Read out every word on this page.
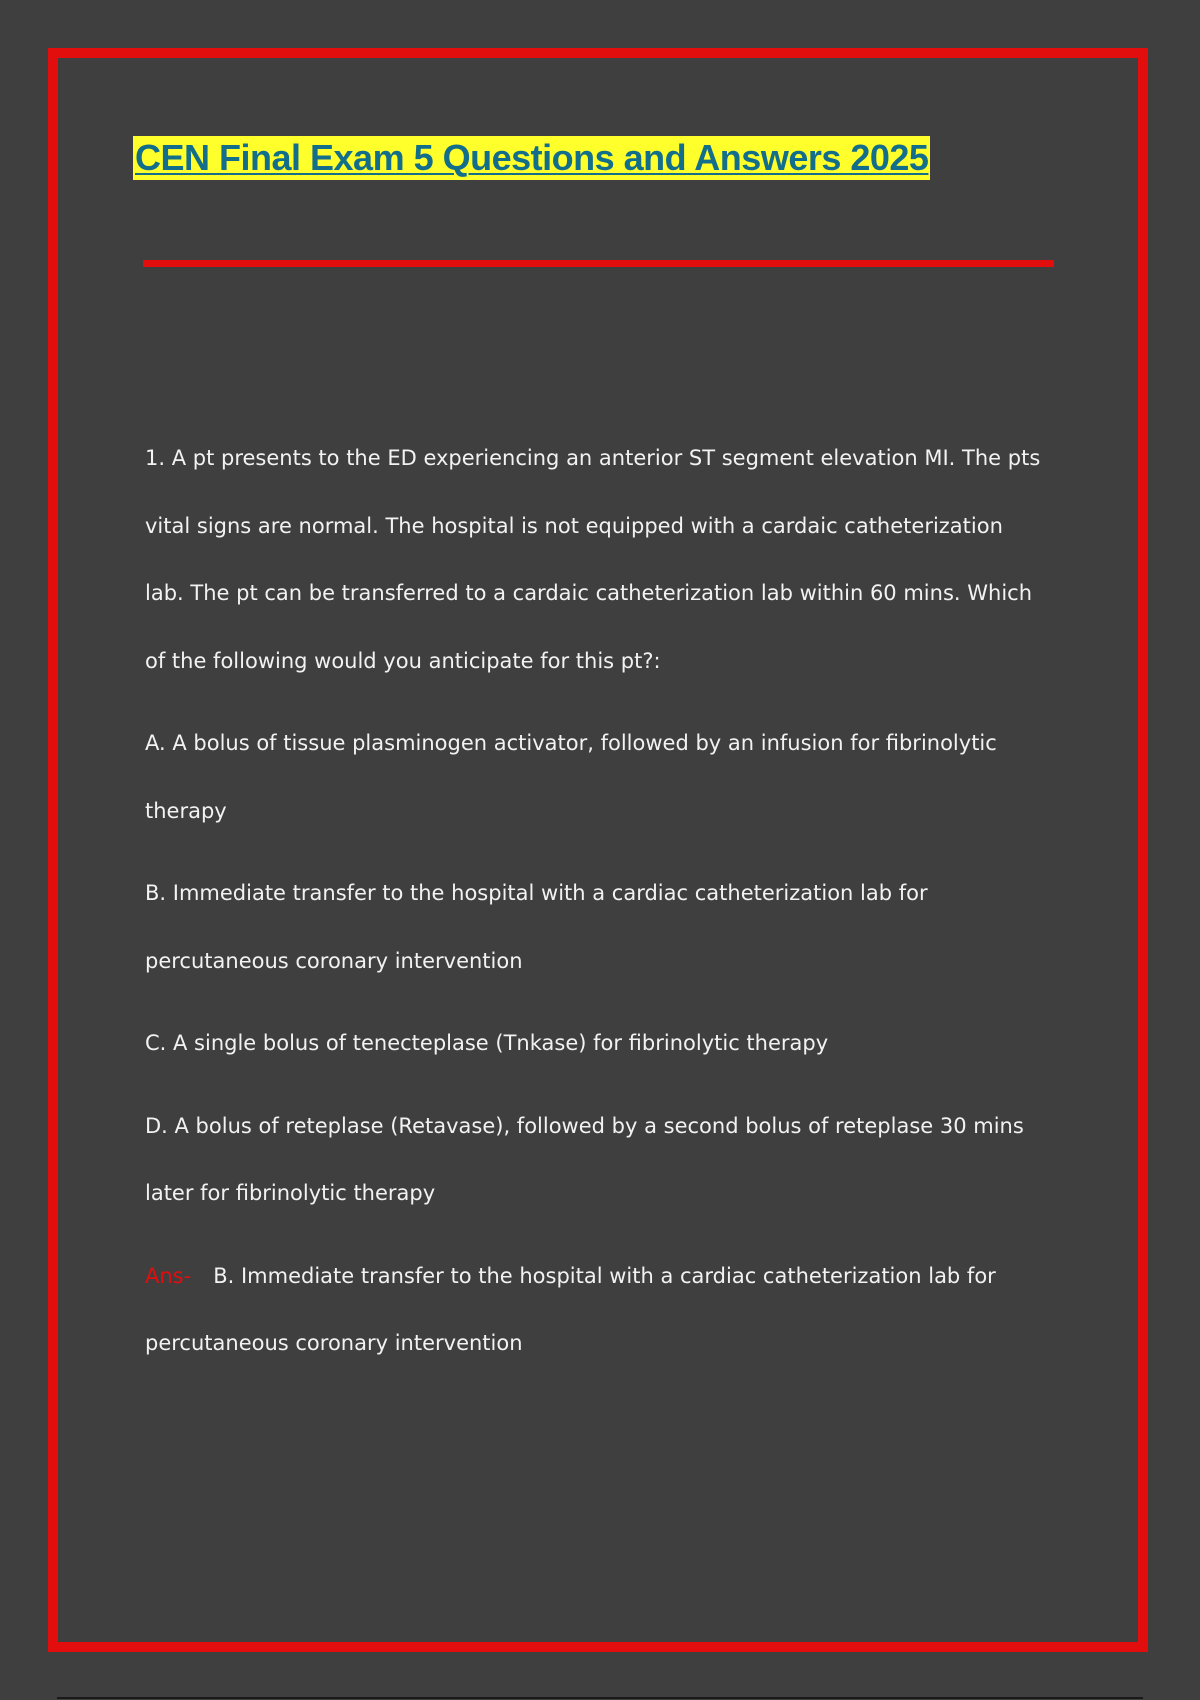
CEN Final Exam 5 Questions and Answers 2025

1. A pt presents to the ED experiencing an anterior ST segment elevation MI. The pts vital signs are normal. The hospital is not equipped with a cardaic catheterization lab. The pt can be transferred to a cardaic catheterization lab within 60 mins. Which of the following would you anticipate for this pt?:

A. A bolus of tissue plasminogen activator, followed by an infusion for fibrinolytic therapy

B. Immediate transfer to the hospital with a cardiac catheterization lab for percutaneous coronary intervention

C. A single bolus of tenecteplase (Tnkase) for fibrinolytic therapy

D. A bolus of reteplase (Retavase), followed by a second bolus of reteplase 30 mins later for fibrinolytic therapy

Ans- B. Immediate transfer to the hospital with a cardiac catheterization lab for percutaneous coronary intervention
